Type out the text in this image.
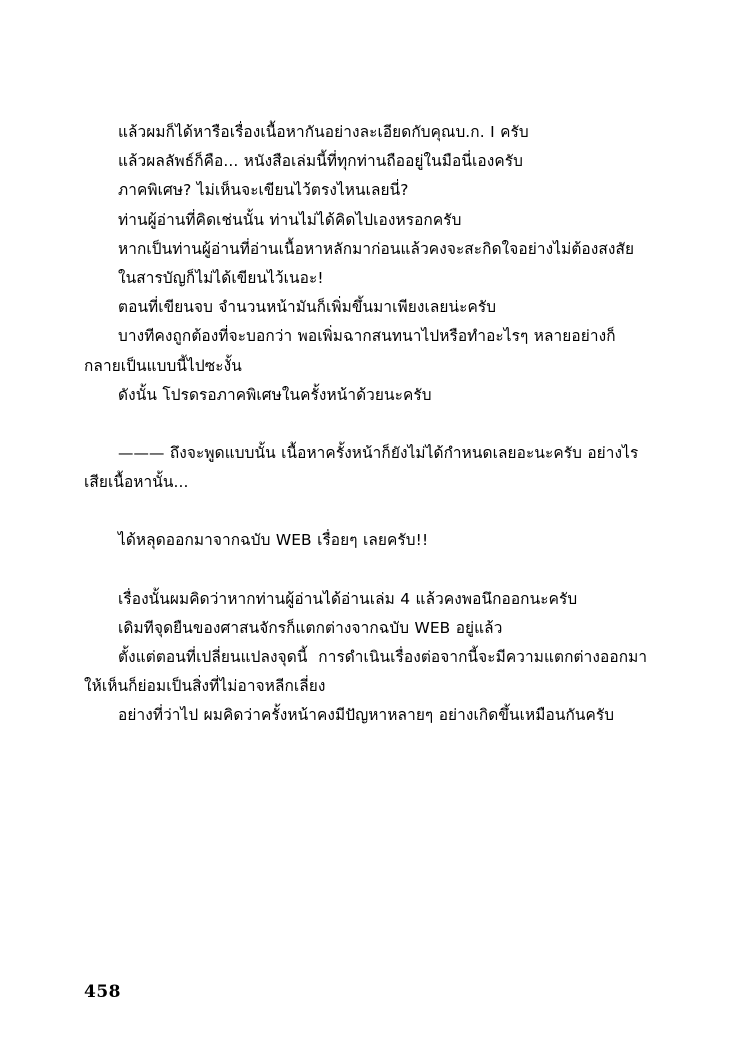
แล้วผมก็ได้หารือเรื่องเนื้อหากันอย่างละเอียดกับคุณบ.ก. I ครับ

แล้วผลลัพธ์ก็คือ... หนังสือเล่มนี้ที่ทุกท่านถืออยู่ในมือนี่เองครับ

ภาคพิเศษ? ไม่เห็นจะเขียนไว้ตรงไหนเลยนี่?

ท่านผู้อ่านที่คิดเช่นนั้น ท่านไม่ได้คิดไปเองหรอกครับ

หากเป็นท่านผู้อ่านที่อ่านเนื้อหาหลักมาก่อนแล้วคงจะสะกิดใจอย่างไม่ต้องสงสัย

ในสารบัญก็ไม่ได้เขียนไว้เนอะ!

ตอนที่เขียนจบ จำนวนหน้ามันก็เพิ่มขึ้นมาเพียงเลยน่ะครับ

บางทีคงถูกต้องที่จะบอกว่า พอเพิ่มฉากสนทนาไปหรือทำอะไรๆ หลายอย่างก็กลายเป็นแบบนี้ไปซะงั้น

ดังนั้น โปรดรอภาคพิเศษในครั้งหน้าด้วยนะครับ

——— ถึงจะพูดแบบนั้น เนื้อหาครั้งหน้าก็ยังไม่ได้กำหนดเลยอะนะครับ อย่างไรเสียเนื้อหานั้น...

ได้หลุดออกมาจากฉบับ WEB เรื่อยๆ เลยครับ!!

เรื่องนั้นผมคิดว่าหากท่านผู้อ่านได้อ่านเล่ม 4 แล้วคงพอนึกออกนะครับ

เดิมทีจุดยืนของศาสนจักรก็แตกต่างจากฉบับ WEB อยู่แล้ว

ตั้งแต่ตอนที่เปลี่ยนแปลงจุดนี้  การดำเนินเรื่องต่อจากนี้จะมีความแตกต่างออกมาให้เห็นก็ย่อมเป็นสิ่งที่ไม่อาจหลีกเลี่ยง

อย่างที่ว่าไป ผมคิดว่าครั้งหน้าคงมีปัญหาหลายๆ อย่างเกิดขึ้นเหมือนกันครับ

458
